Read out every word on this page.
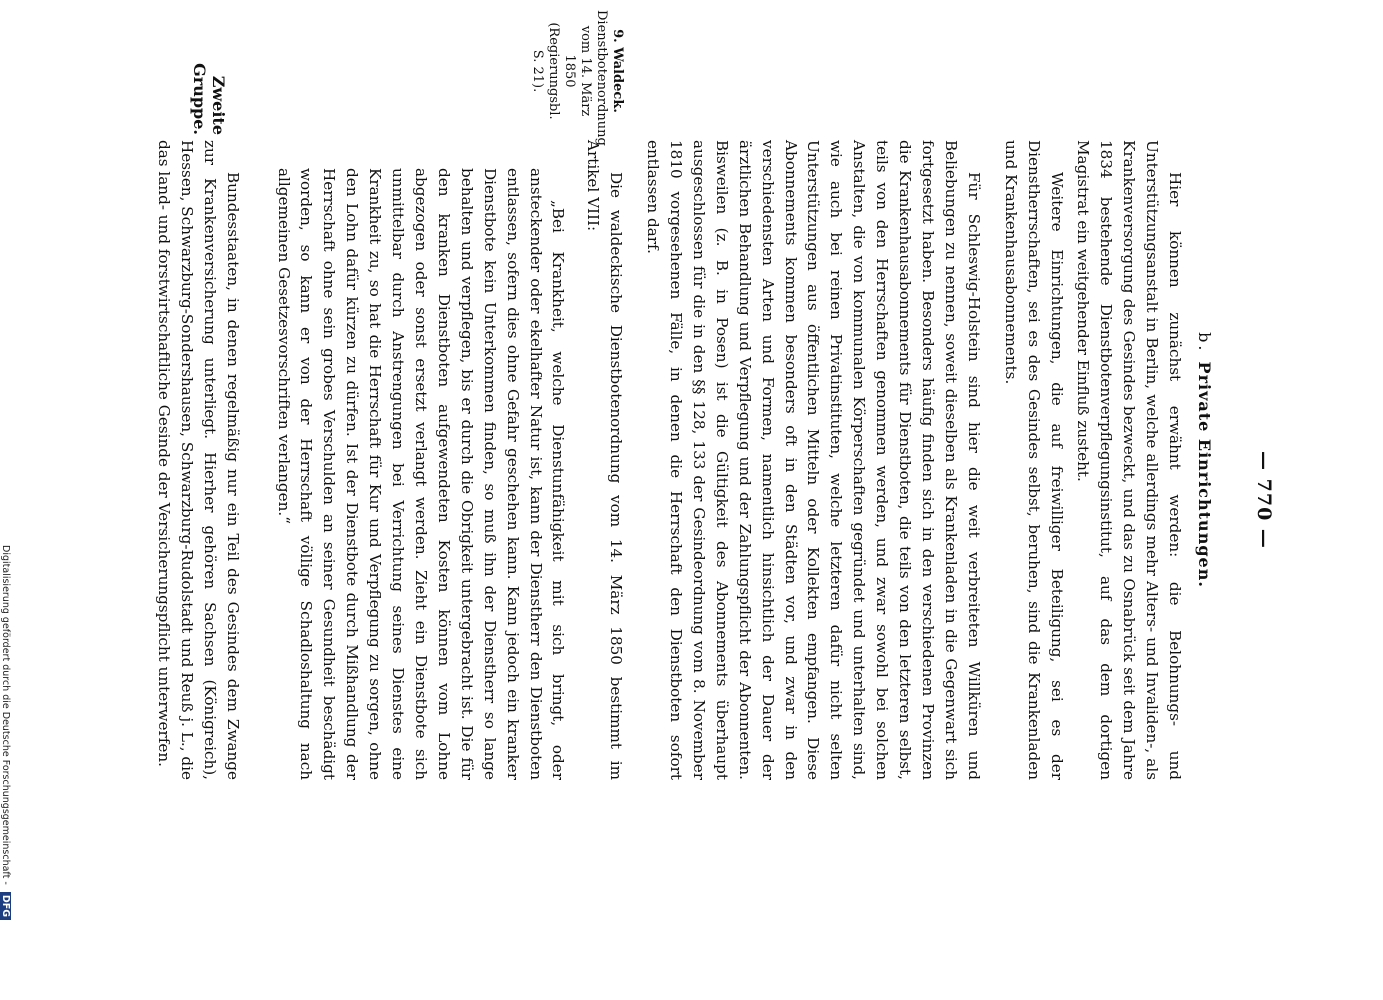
— 770 —
b. Private Einrichtungen.

Hier können zunächst erwähnt werden: die Belohnungs- und Unterstützungsanstalt in Berlin, welche allerdings mehr Alters- und Invaliden-, als Krankenversorgung des Gesindes bezweckt, und das zu Osnabrück seit dem Jahre 1834 bestehende Dienstbotenverpflegungsinstitut, auf das dem dortigen Magistrat ein weitgehender Einfluß zusteht.

Weitere Einrichtungen, die auf freiwilliger Beteiligung, sei es der Dienstherrschaften, sei es des Gesindes selbst, beruhen, sind die Krankenladen und Krankenhausabonnements.

Für Schleswig-Holstein sind hier die weit verbreiteten Willküren und Beliebungen zu nennen, soweit dieselben als Krankenladen in die Gegenwart sich fortgesetzt haben. Besonders häufig finden sich in den verschiedenen Provinzen die Krankenhausabonnements für Dienstboten, die teils von den letzteren selbst, teils von den Herrschaften genommen werden, und zwar sowohl bei solchen Anstalten, die von kommunalen Körperschaften gegründet und unterhalten sind, wie auch bei reinen Privatinstituten, welche letzteren dafür nicht selten Unterstützungen aus öffentlichen Mitteln oder Kollekten empfangen. Diese Abonnements kommen besonders oft in den Städten vor, und zwar in den verschiedensten Arten und Formen, namentlich hinsichtlich der Dauer der ärztlichen Behandlung und Verpflegung und der Zahlungspflicht der Abonnenten. Bisweilen (z. B. in Posen) ist die Gültigkeit des Abonnements überhaupt ausgeschlossen für die in den §§ 128, 133 der Gesindeordnung vom 8. November 1810 vorgesehenen Fälle, in denen die Herrschaft den Dienstboten sofort entlassen darf.

Die waldeckische Dienstbotenordnung vom 14. März 1850 bestimmt im Artikel VIII:

„Bei Krankheit, welche Dienstunfähigkeit mit sich bringt, oder ansteckender oder ekelhafter Natur ist, kann der Dienstherr den Dienstboten entlassen, sofern dies ohne Gefahr geschehen kann. Kann jedoch ein kranker Dienstbote kein Unterkommen finden, so muß ihn der Dienstherr so lange behalten und verpflegen, bis er durch die Obrigkeit untergebracht ist. Die für den kranken Dienstboten aufgewendeten Kosten können vom Lohne abgezogen oder sonst ersetzt verlangt werden. Zieht ein Dienstbote sich unmittelbar durch Anstrengungen bei Verrichtung seines Dienstes eine Krankheit zu, so hat die Herrschaft für Kur und Verpflegung zu sorgen, ohne den Lohn dafür kürzen zu dürfen. Ist der Dienstbote durch Mißhandlung der Herrschaft ohne sein grobes Verschulden an seiner Gesundheit beschädigt worden, so kann er von der Herrschaft völlige Schadloshaltung nach allgemeinen Gesetzesvorschriften verlangen.“

Bundesstaaten, in denen regelmäßig nur ein Teil des Gesindes dem Zwange zur Krankenversicherung unterliegt. Hierher gehören Sachsen (Königreich), Hessen, Schwarzburg-Sondershausen, Schwarzburg-Rudolstadt und Reuß j. L., die das land- und forstwirtschaftliche Gesinde der Versicherungspflicht unterwerfen.

9. Waldeck.
Dienstbotenordnung
vom 14. März 1850
(Regierungsbl.
S. 21).
Zweite Gruppe.
Digitalisierung gefördert durch die Deutsche Forschungsgemeinschaft - DFG
